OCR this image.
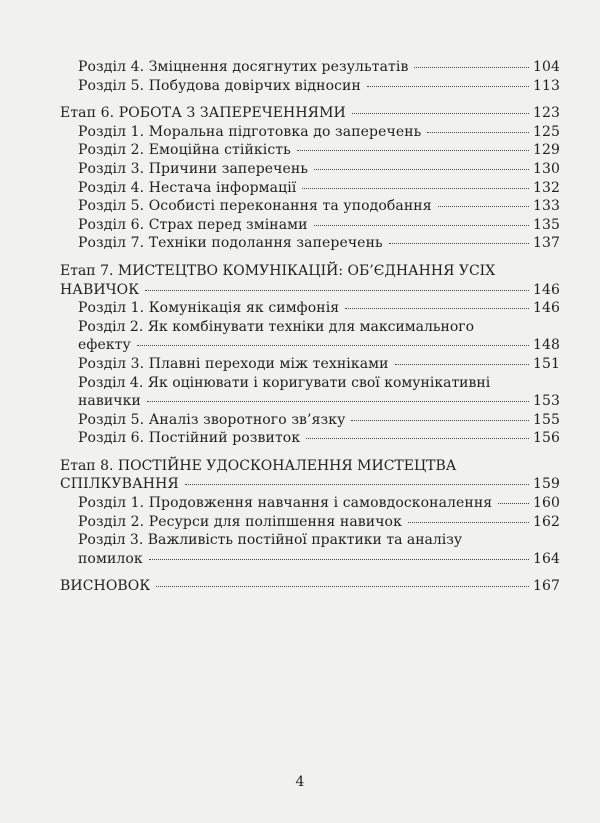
Розділ 4. Зміцнення досягнутих результатів	104
Розділ 5. Побудова довірчих відносин	113
Етап 6. РОБОТА З ЗАПЕРЕЧЕННЯМИ	123
Розділ 1. Моральна підготовка до заперечень	125
Розділ 2. Емоційна стійкість	129
Розділ 3. Причини заперечень	130
Розділ 4. Нестача інформації	132
Розділ 5. Особисті переконання та уподобання	133
Розділ 6. Страх перед змінами	135
Розділ 7. Техніки подолання заперечень	137
Етап 7. МИСТЕЦТВО КОМУНІКАЦІЙ: ОБ’ЄДНАННЯ УСІХ
НАВИЧОК	146
Розділ 1. Комунікація як симфонія	146
Розділ 2. Як комбінувати техніки для максимального
ефекту	148
Розділ 3. Плавні переходи між техніками	151
Розділ 4. Як оцінювати і коригувати свої комунікативні
навички	153
Розділ 5. Аналіз зворотного зв’язку	155
Розділ 6. Постійний розвиток	156
Етап 8. ПОСТІЙНЕ УДОСКОНАЛЕННЯ МИСТЕЦТВА
СПІЛКУВАННЯ	159
Розділ 1. Продовження навчання і самовдосконалення	160
Розділ 2. Ресурси для поліпшення навичок	162
Розділ 3. Важливість постійної практики та аналізу
помилок	164
ВИСНОВОК	167
4
